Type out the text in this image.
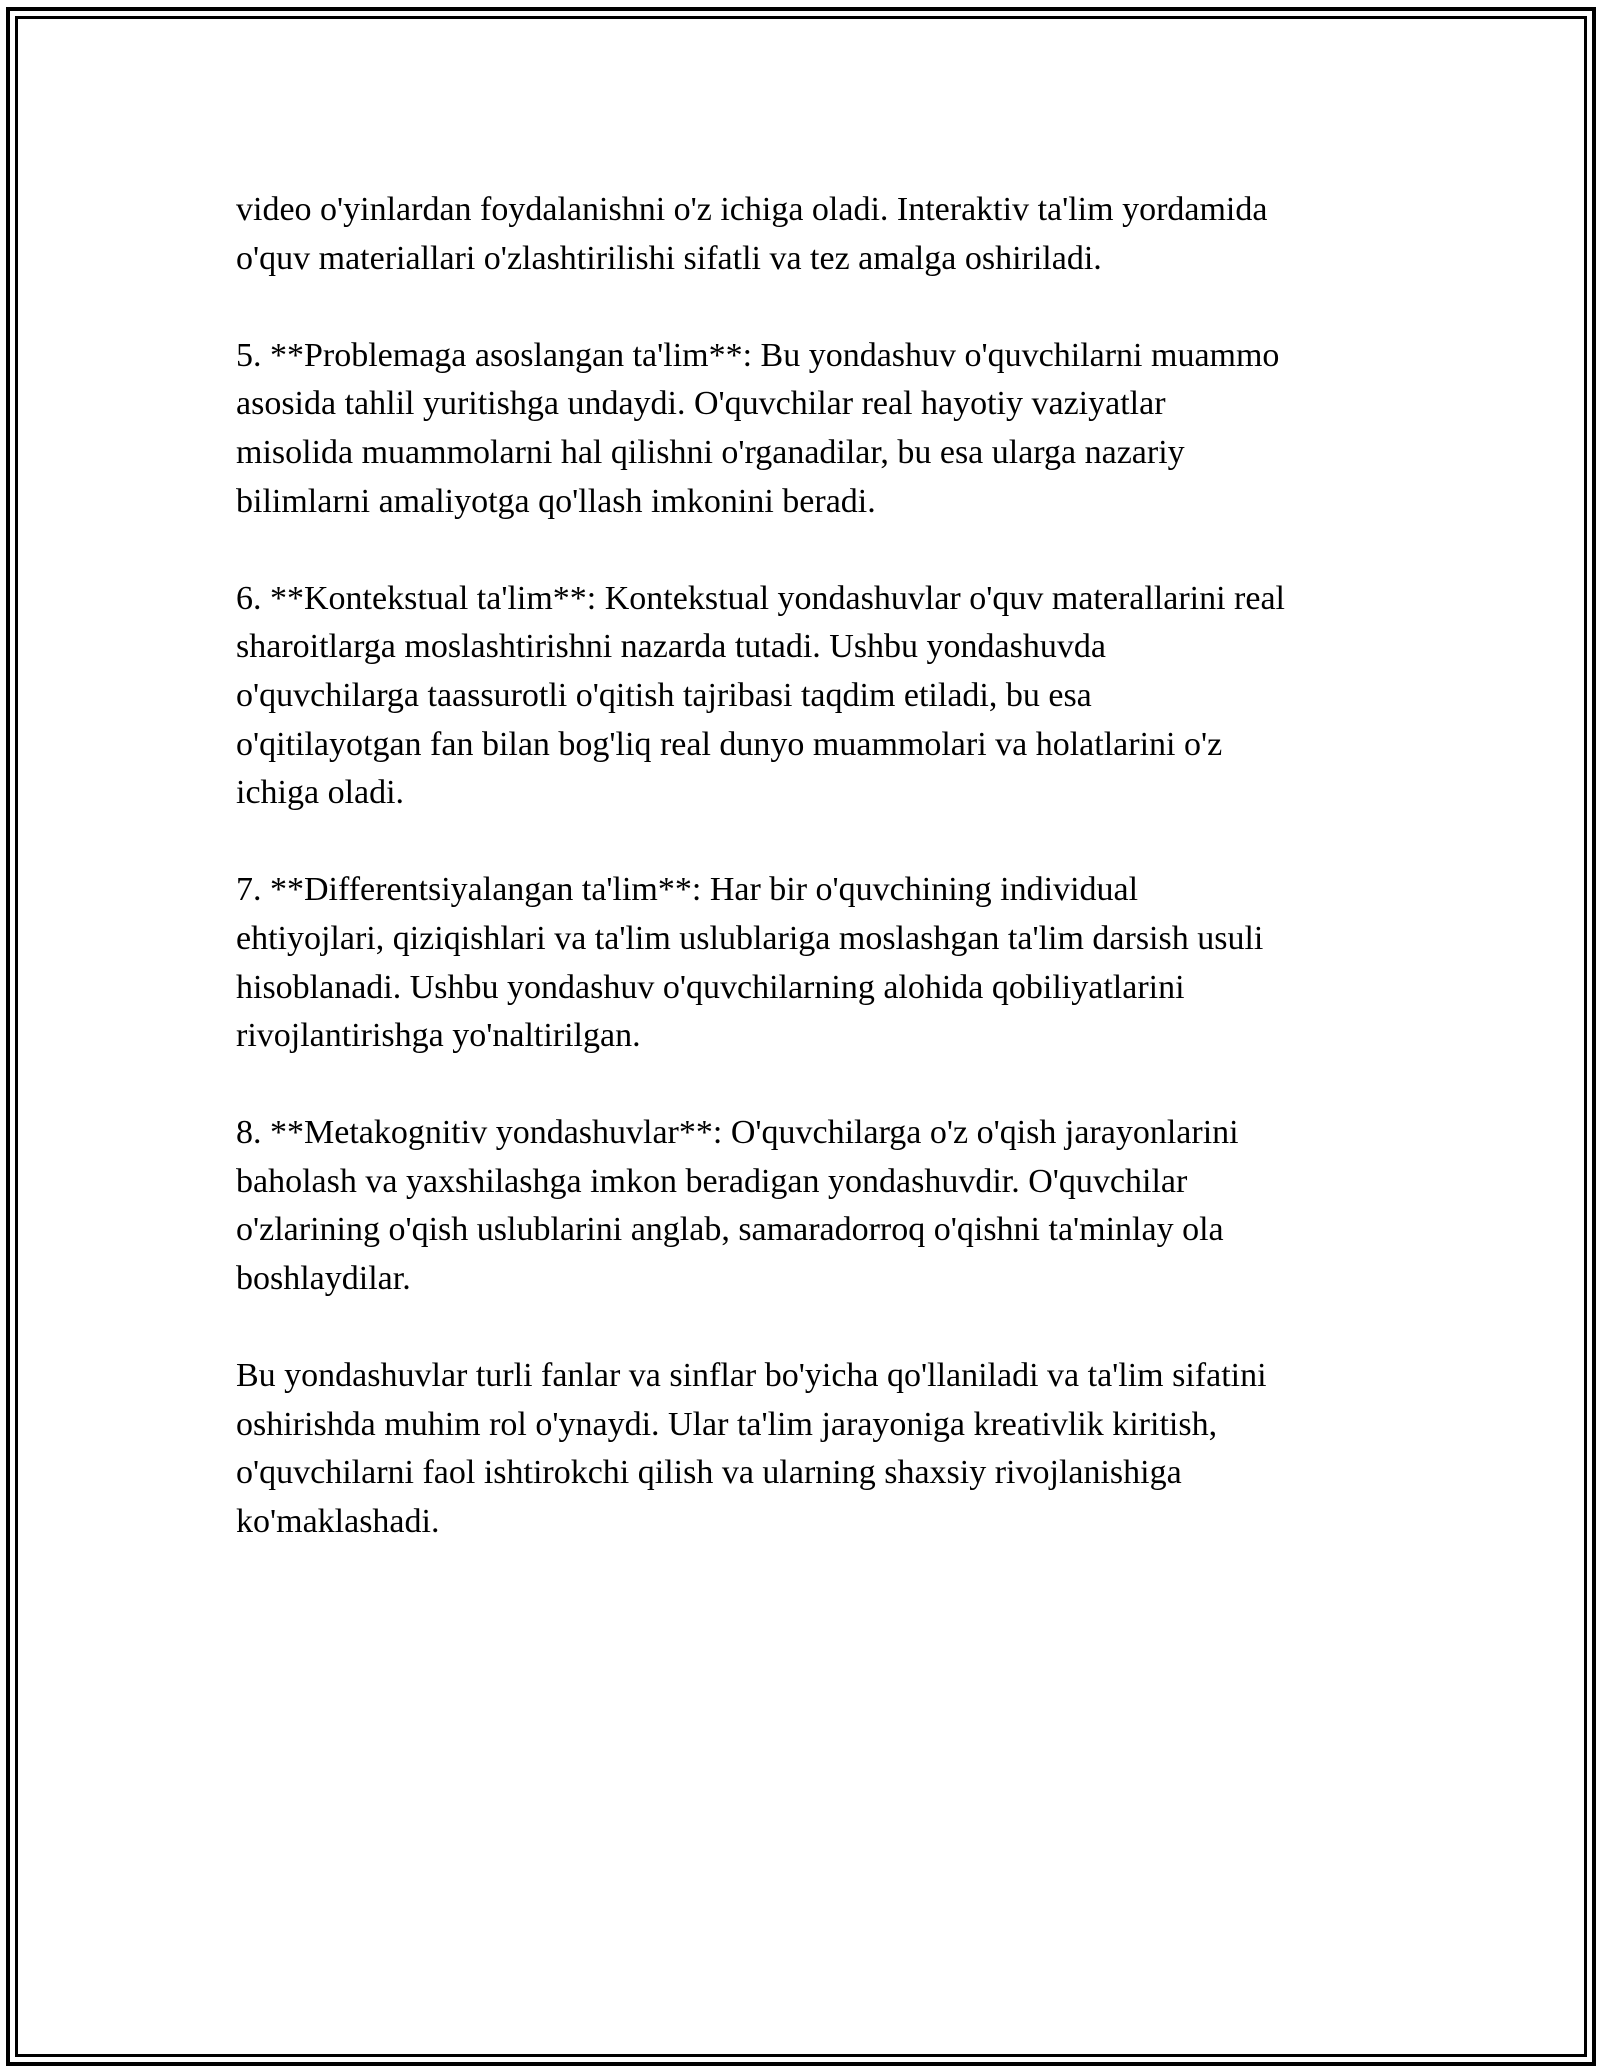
video o'yinlardan foydalanishni o'z ichiga oladi. Interaktiv ta'lim yordamida
o'quv materiallari o'zlashtirilishi sifatli va tez amalga oshiriladi.

5. **Problemaga asoslangan ta'lim**: Bu yondashuv o'quvchilarni muammo
asosida tahlil yuritishga undaydi. O'quvchilar real hayotiy vaziyatlar
misolida muammolarni hal qilishni o'rganadilar, bu esa ularga nazariy
bilimlarni amaliyotga qo'llash imkonini beradi.

6. **Kontekstual ta'lim**: Kontekstual yondashuvlar o'quv materallarini real
sharoitlarga moslashtirishni nazarda tutadi. Ushbu yondashuvda
o'quvchilarga taassurotli o'qitish tajribasi taqdim etiladi, bu esa
o'qitilayotgan fan bilan bog'liq real dunyo muammolari va holatlarini o'z
ichiga oladi.

7. **Differentsiyalangan ta'lim**: Har bir o'quvchining individual
ehtiyojlari, qiziqishlari va ta'lim uslublariga moslashgan ta'lim darsish usuli
hisoblanadi. Ushbu yondashuv o'quvchilarning alohida qobiliyatlarini
rivojlantirishga yo'naltirilgan.

8. **Metakognitiv yondashuvlar**: O'quvchilarga o'z o'qish jarayonlarini
baholash va yaxshilashga imkon beradigan yondashuvdir. O'quvchilar
o'zlarining o'qish uslublarini anglab, samaradorroq o'qishni ta'minlay ola
boshlaydilar.

Bu yondashuvlar turli fanlar va sinflar bo'yicha qo'llaniladi va ta'lim sifatini
oshirishda muhim rol o'ynaydi. Ular ta'lim jarayoniga kreativlik kiritish,
o'quvchilarni faol ishtirokchi qilish va ularning shaxsiy rivojlanishiga
ko'maklashadi.
